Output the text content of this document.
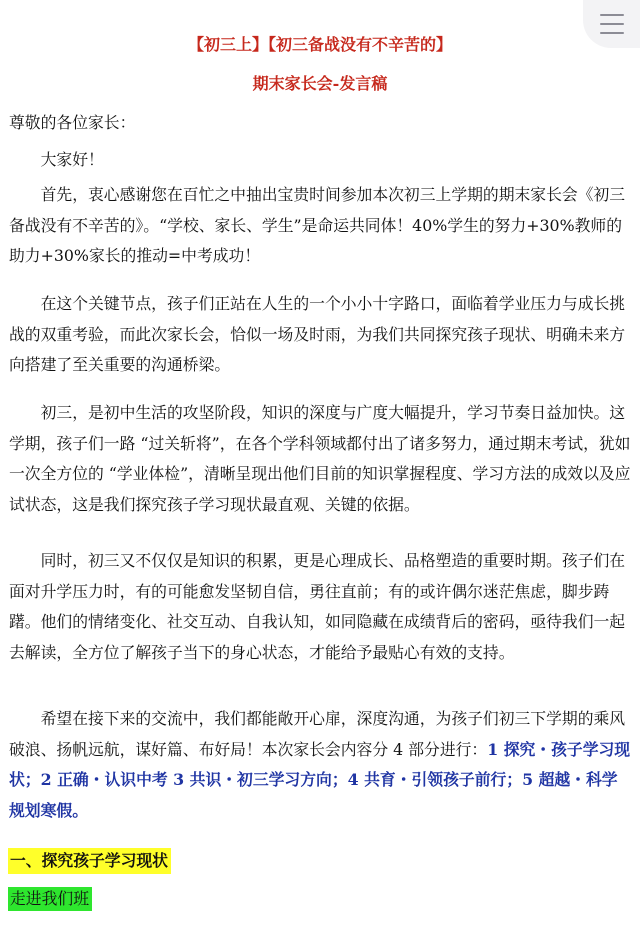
【初三上】【初三备战没有不辛苦的】
期末家长会-发言稿

尊敬的各位家长：

大家好！

首先，衷心感谢您在百忙之中抽出宝贵时间参加本次初三上学期的期末家长会《初三备战没有不辛苦的》。“学校、家长、学生”是命运共同体！40%学生的努力+30%教师的助力+30%家长的推动=中考成功！

在这个关键节点，孩子们正站在人生的一个小小十字路口，面临着学业压力与成长挑战的双重考验，而此次家长会，恰似一场及时雨，为我们共同探究孩子现状、明确未来方向搭建了至关重要的沟通桥梁。

初三，是初中生活的攻坚阶段，知识的深度与广度大幅提升，学习节奏日益加快。这学期，孩子们一路 “过关斩将”，在各个学科领域都付出了诸多努力，通过期末考试，犹如一次全方位的 “学业体检”，清晰呈现出他们目前的知识掌握程度、学习方法的成效以及应试状态，这是我们探究孩子学习现状最直观、关键的依据。

同时，初三又不仅仅是知识的积累，更是心理成长、品格塑造的重要时期。孩子们在面对升学压力时，有的可能愈发坚韧自信，勇往直前；有的或许偶尔迷茫焦虑，脚步踌躇。他们的情绪变化、社交互动、自我认知，如同隐藏在成绩背后的密码，亟待我们一起去解读，全方位了解孩子当下的身心状态，才能给予最贴心有效的支持。

希望在接下来的交流中，我们都能敞开心扉，深度沟通，为孩子们初三下学期的乘风破浪、扬帆远航，谋好篇、布好局！本次家长会内容分 4 部分进行：1 探究・孩子学习现状；2 正确・认识中考 3 共识・初三学习方向；4 共育・引领孩子前行；5 超越・科学规划寒假。

一、探究孩子学习现状
走进我们班
